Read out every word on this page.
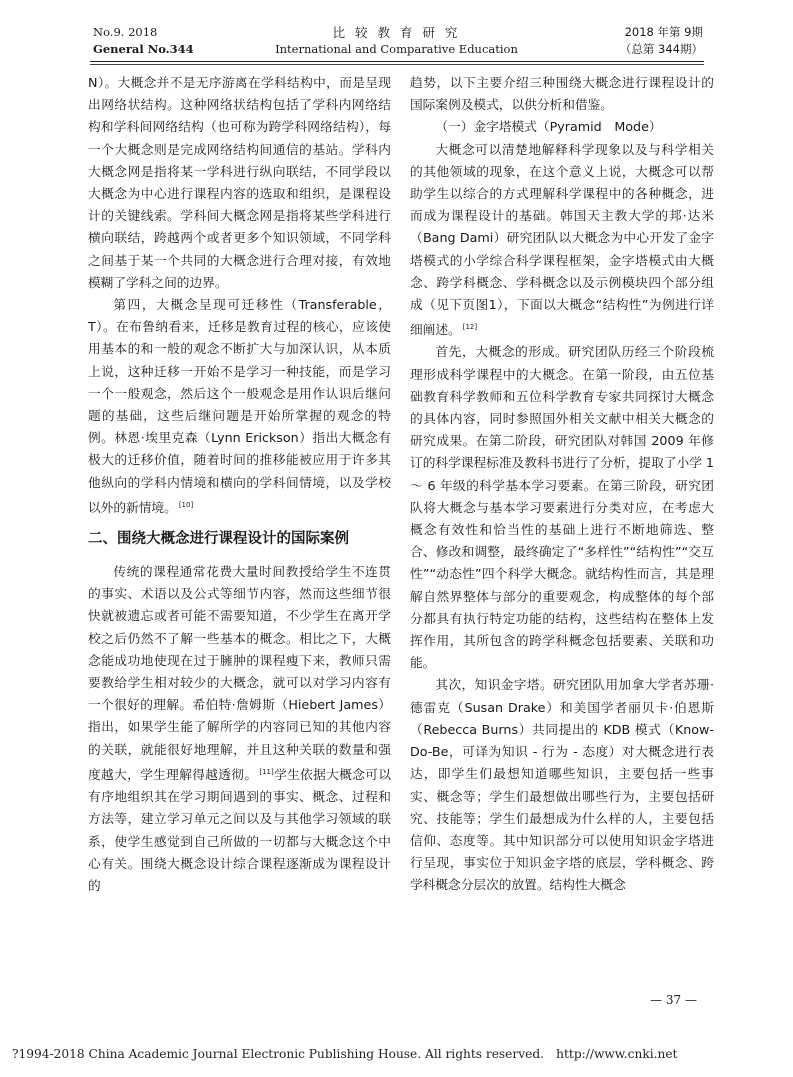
No.9. 2018
General No.344
比 较 教 育 研 究
International and Comparative Education
2018 年第 9期
（总第 344期）

N）。大概念并不是无序游离在学科结构中，而是呈现出网络状结构。这种网络状结构包括了学科内网络结构和学科间网络结构（也可称为跨学科网络结构），每一个大概念则是完成网络结构间通信的基站。学科内大概念网是指将某一学科进行纵向联结，不同学段以大概念为中心进行课程内容的选取和组织，是课程设计的关键线索。学科间大概念网是指将某些学科进行横向联结，跨越两个或者更多个知识领域，不同学科之间基于某一个共同的大概念进行合理对接，有效地模糊了学科之间的边界。

第四，大概念呈现可迁移性（Transferable，T）。在布鲁纳看来，迁移是教育过程的核心，应该使用基本的和一般的观念不断扩大与加深认识，从本质上说，这种迁移一开始不是学习一种技能，而是学习一个一般观念，然后这个一般观念是用作认识后继问题的基础，这些后继问题是开始所掌握的观念的特例。林恩·埃里克森（Lynn Erickson）指出大概念有极大的迁移价值，随着时间的推移能被应用于许多其他纵向的学科内情境和横向的学科间情境，以及学校以外的新情境。 [10]

二、围绕大概念进行课程设计的国际案例

传统的课程通常花费大量时间教授给学生不连贯的事实、术语以及公式等细节内容，然而这些细节很快就被遗忘或者可能不需要知道，不少学生在离开学校之后仍然不了解一些基本的概念。相比之下，大概念能成功地使现在过于臃肿的课程瘦下来，教师只需要教给学生相对较少的大概念，就可以对学习内容有一个很好的理解。希伯特·詹姆斯（Hiebert James）指出，如果学生能了解所学的内容同已知的其他内容的关联，就能很好地理解，并且这种关联的数量和强度越大，学生理解得越透彻。 [11]学生依据大概念可以有序地组织其在学习期间遇到的事实、概念、过程和方法等，建立学习单元之间以及与其他学习领域的联系，使学生感觉到自己所做的一切都与大概念这个中心有关。围绕大概念设计综合课程逐渐成为课程设计的

趋势，以下主要介绍三种围绕大概念进行课程设计的国际案例及模式，以供分析和借鉴。

（一）金字塔模式（Pyramid　Mode）

大概念可以清楚地解释科学现象以及与科学相关的其他领域的现象，在这个意义上说，大概念可以帮助学生以综合的方式理解科学课程中的各种概念，进而成为课程设计的基础。韩国天主教大学的邦·达米（Bang Dami）研究团队以大概念为中心开发了金字塔模式的小学综合科学课程框架，金字塔模式由大概念、跨学科概念、学科概念以及示例模块四个部分组成（见下页图1），下面以大概念“结构性”为例进行详细阐述。 [12]

首先，大概念的形成。研究团队历经三个阶段梳理形成科学课程中的大概念。在第一阶段，由五位基础教育科学教师和五位科学教育专家共同探讨大概念的具体内容，同时参照国外相关文献中相关大概念的研究成果。在第二阶段，研究团队对韩国 2009 年修订的科学课程标准及教科书进行了分析，提取了小学 1 ～ 6 年级的科学基本学习要素。在第三阶段，研究团队将大概念与基本学习要素进行分类对应，在考虑大概念有效性和恰当性的基础上进行不断地筛选、整合、修改和调整，最终确定了“多样性”“结构性”“交互性”“动态性”四个科学大概念。就结构性而言，其是理解自然界整体与部分的重要观念，构成整体的每个部分都具有执行特定功能的结构，这些结构在整体上发挥作用，其所包含的跨学科概念包括要素、关联和功能。

其次，知识金字塔。研究团队用加拿大学者苏珊·德雷克（Susan Drake）和美国学者丽贝卡·伯恩斯（Rebecca Burns）共同提出的 KDB 模式（Know-Do-Be，可译为知识 - 行为 - 态度）对大概念进行表达，即学生们最想知道哪些知识，主要包括一些事实、概念等；学生们最想做出哪些行为，主要包括研究、技能等；学生们最想成为什么样的人，主要包括信仰、态度等。其中知识部分可以使用知识金字塔进行呈现，事实位于知识金字塔的底层，学科概念、跨学科概念分层次的放置。结构性大概念

— 37 —
?1994-2018 China Academic Journal Electronic Publishing House. All rights reserved.　http://www.cnki.net
